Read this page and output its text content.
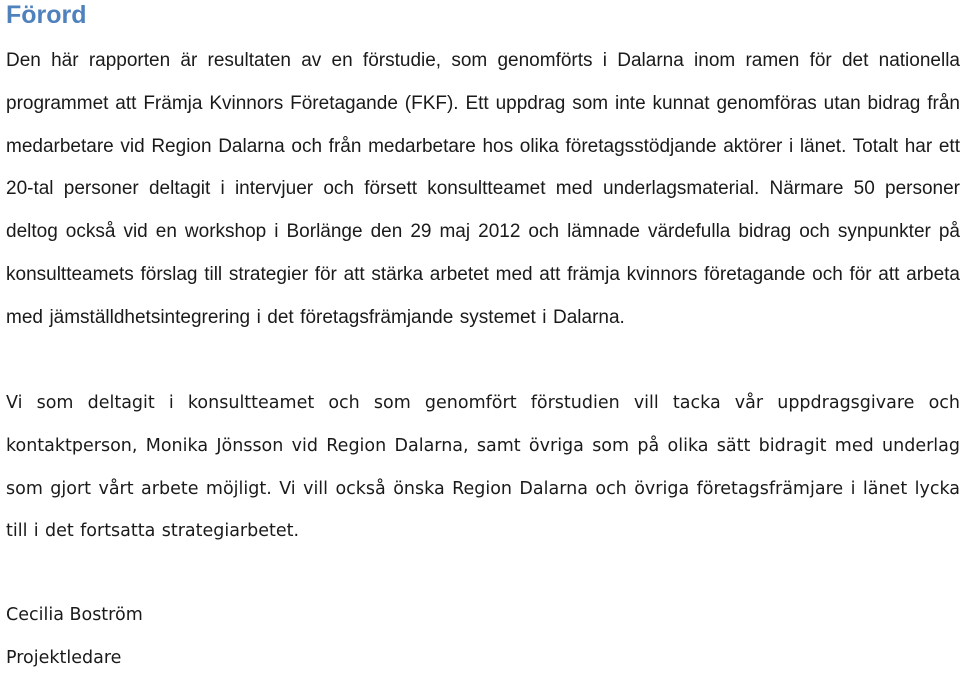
Förord

Den här rapporten är resultaten av en förstudie, som genomförts i Dalarna inom ramen för det nationella programmet att Främja Kvinnors Företagande (FKF). Ett uppdrag som inte kunnat genomföras utan bidrag från medarbetare vid Region Dalarna och från medarbetare hos olika företagsstödjande aktörer i länet. Totalt har ett 20-tal personer deltagit i intervjuer och försett konsultteamet med underlagsmaterial. Närmare 50 personer deltog också vid en workshop i Borlänge den 29 maj 2012 och lämnade värdefulla bidrag och synpunkter på konsultteamets förslag till strategier för att stärka arbetet med att främja kvinnors företagande och för att arbeta med jämställdhetsintegrering i det företagsfrämjande systemet i Dalarna.

Vi som deltagit i konsultteamet och som genomfört förstudien vill tacka vår uppdragsgivare och kontaktperson, Monika Jönsson vid Region Dalarna, samt övriga som på olika sätt bidragit med underlag som gjort vårt arbete möjligt. Vi vill också önska Region Dalarna och övriga företagsfrämjare i länet lycka till i det fortsatta strategiarbetet.

Cecilia Boström

Projektledare
